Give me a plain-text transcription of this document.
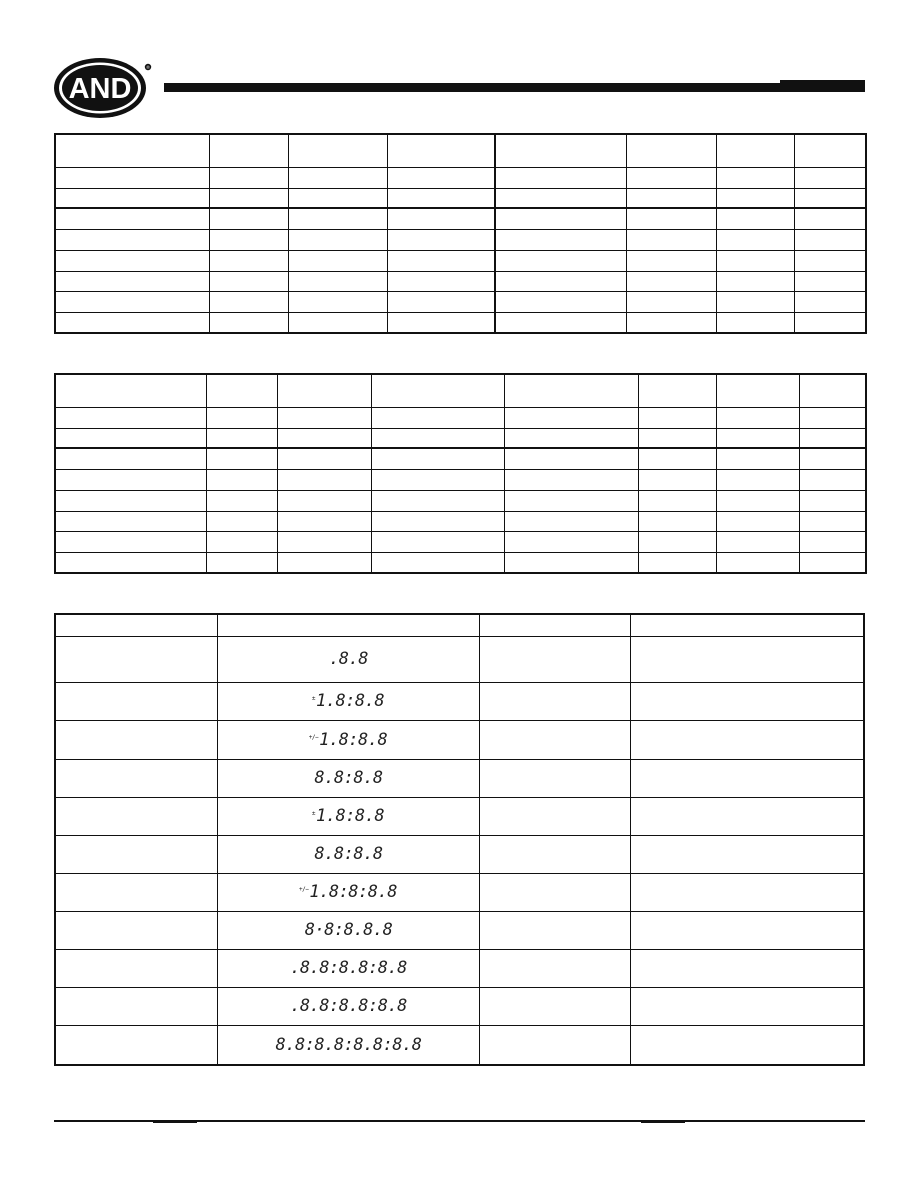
AND
®

	.8.8		
	±1.8:8.8		
	+/−1.8:8.8		
	8.8:8.8		
	±1.8:8.8		
	8.8:8.8		
	+/−1.8:8:8.8		
	8·8:8.8.8		
	.8.8:8.8:8.8		
	.8.8:8.8:8.8		
	8.8:8.8:8.8:8.8		
